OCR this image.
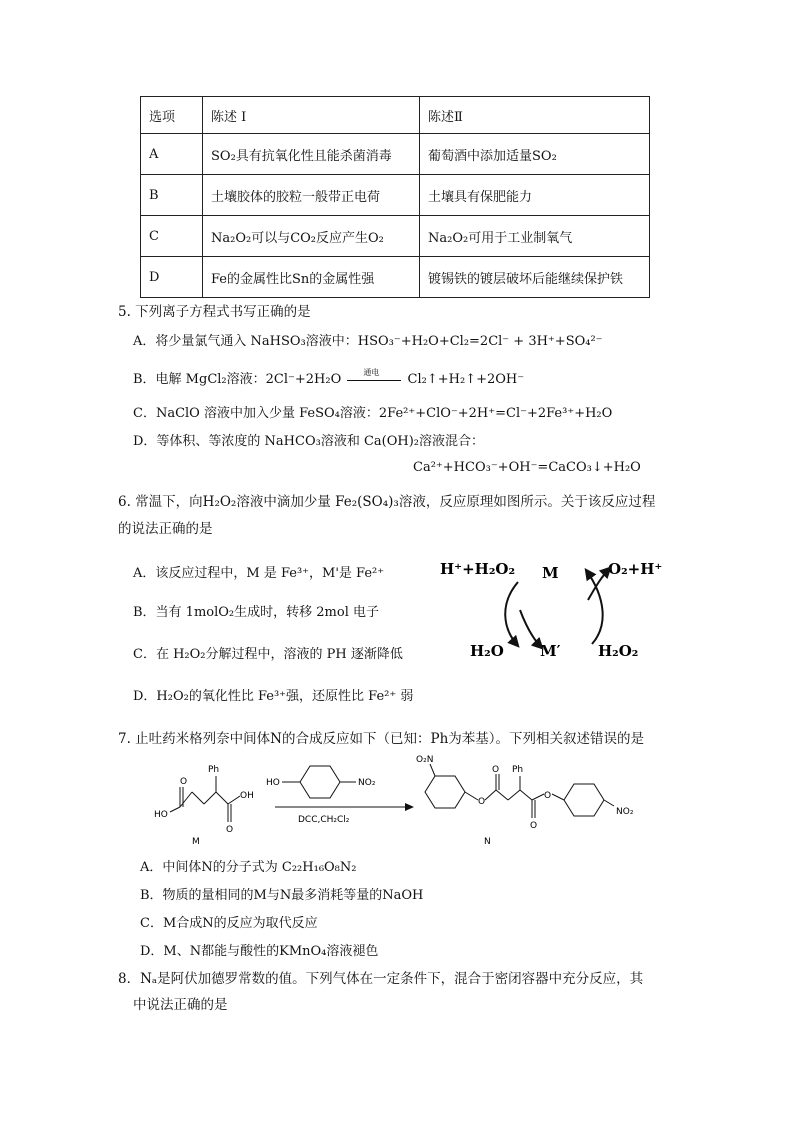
选项	陈述 I	陈述Ⅱ
A	SO₂具有抗氧化性且能杀菌消毒	葡萄酒中添加适量SO₂
B	土壤胶体的胶粒一般带正电荷	土壤具有保肥能力
C	Na₂O₂可以与CO₂反应产生O₂	Na₂O₂可用于工业制氧气
D	Fe的金属性比Sn的金属性强	镀锡铁的镀层破坏后能继续保护铁
5. 下列离子方程式书写正确的是
A．将少量氯气通入 NaHSO₃溶液中：HSO₃⁻+H₂O+Cl₂=2Cl⁻ + 3H⁺+SO₄²⁻
B．电解 MgCl₂溶液：2Cl⁻+2H₂O	通电 Cl₂↑+H₂↑+2OH⁻
C．NaClO 溶液中加入少量 FeSO₄溶液：2Fe²⁺+ClO⁻+2H⁺=Cl⁻+2Fe³⁺+H₂O
D．等体积、等浓度的 NaHCO₃溶液和 Ca(OH)₂溶液混合：
Ca²⁺+HCO₃⁻+OH⁻=CaCO₃↓+H₂O
6. 常温下，向H₂O₂溶液中滴加少量 Fe₂(SO₄)₃溶液，反应原理如图所示。关于该反应过程
的说法正确的是
A．该反应过程中，M 是 Fe³⁺，M'是 Fe²⁺
B．当有 1molO₂生成时，转移 2mol 电子
C．在 H₂O₂分解过程中，溶液的 PH 逐渐降低
D．H₂O₂的氧化性比 Fe³⁺强，还原性比 Fe²⁺ 弱
H⁺+H₂O₂ M	O₂+H⁺
H₂O M′ H₂O₂
7. 止吐药米格列奈中间体N的合成反应如下（已知：Ph为苯基）。下列相关叙述错误的是
O
HO
Ph
OH
O
M
HO	NO₂
DCC,CH₂Cl₂
O₂N
O
O Ph
O
O
NO₂
N
A．中间体N的分子式为 C₂₂H₁₆O₈N₂
B．物质的量相同的M与N最多消耗等量的NaOH
C．M合成N的反应为取代反应
D．M、N都能与酸性的KMnO₄溶液褪色
8．Nₐ是阿伏加德罗常数的值。下列气体在一定条件下，混合于密闭容器中充分反应，其
中说法正确的是
